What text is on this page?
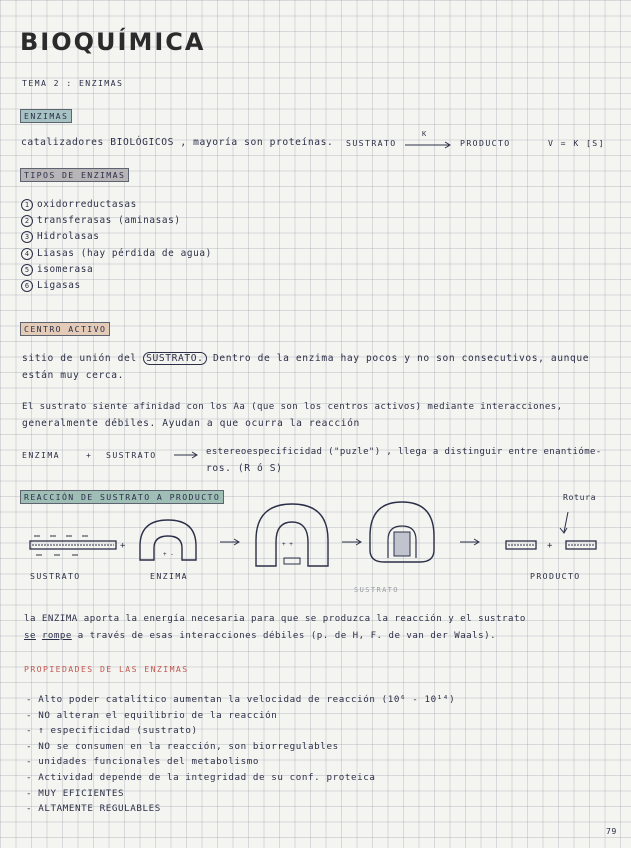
BIOQUÍMICA
TEMA 2 : ENZIMAS
ENZIMAS
catalizadores BIOLÓGICOS , mayoría son proteínas. SUSTRATO
K
→ PRODUCTO	V = K [S]
TIPOS DE ENZIMAS
1 oxidorreductasas
2 transferasas (aminasas)
3 Hidrolasas
4 Liasas (hay pérdida de agua)
5 isomerasa
6 Ligasas
CENTRO ACTIVO
sitio de unión del SUSTRATO. Dentro de la enzima hay pocos y no son consecutivos, aunque
están muy cerca.
El sustrato siente afinidad con los Aa (que son los centros activos) mediante interacciones,
generalmente débiles. Ayudan a que ocurra la reacción
ENZIMA	+ SUSTRATO	estereoespecificidad ("puzle") , llega a distinguir entre enantióme-
ros. (R ó S)
REACCIÓN DE SUSTRATO A PRODUCTO	Rotura
+
+ -
+ +	+
SUSTRATO	ENZIMA
SUSTRATO
PRODUCTO
la ENZIMA aporta la energía necesaria para que se produzca la reacción y el sustrato
se rompe a través de esas interacciones débiles (p. de H, F. de van der Waals).
PROPIEDADES DE LAS ENZIMAS
- Alto poder catalítico aumentan la velocidad de reacción (10⁶ - 10¹⁴)
- NO alteran el equilibrio de la reacción
- ↑ especificidad (sustrato)
- NO se consumen en la reacción, son biorregulables
- unidades funcionales del metabolismo
- Actividad depende de la integridad de su conf. proteica
- MUY EFICIENTES
- ALTAMENTE REGULABLES
79
